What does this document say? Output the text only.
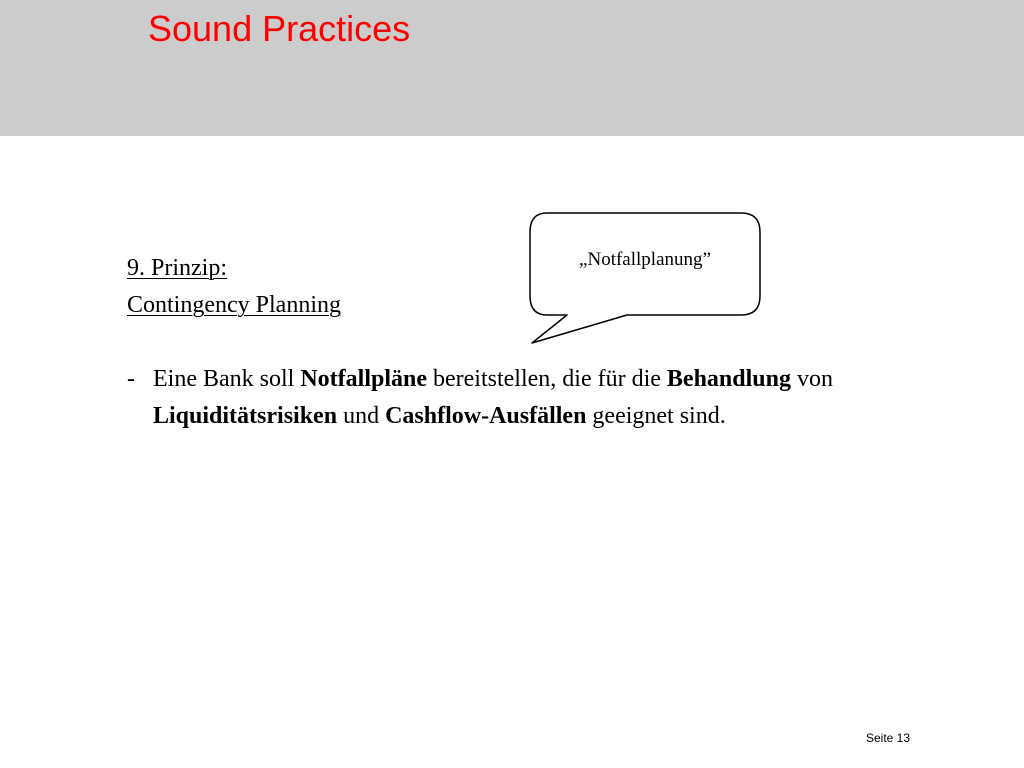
Sound Practices
9. Prinzip:
Contingency Planning
„Notfallplanung”
- Eine Bank soll Notfallpläne bereitstellen, die für die Behandlung von Liquiditätsrisiken und Cashflow-Ausfällen geeignet sind.
Seite 13
